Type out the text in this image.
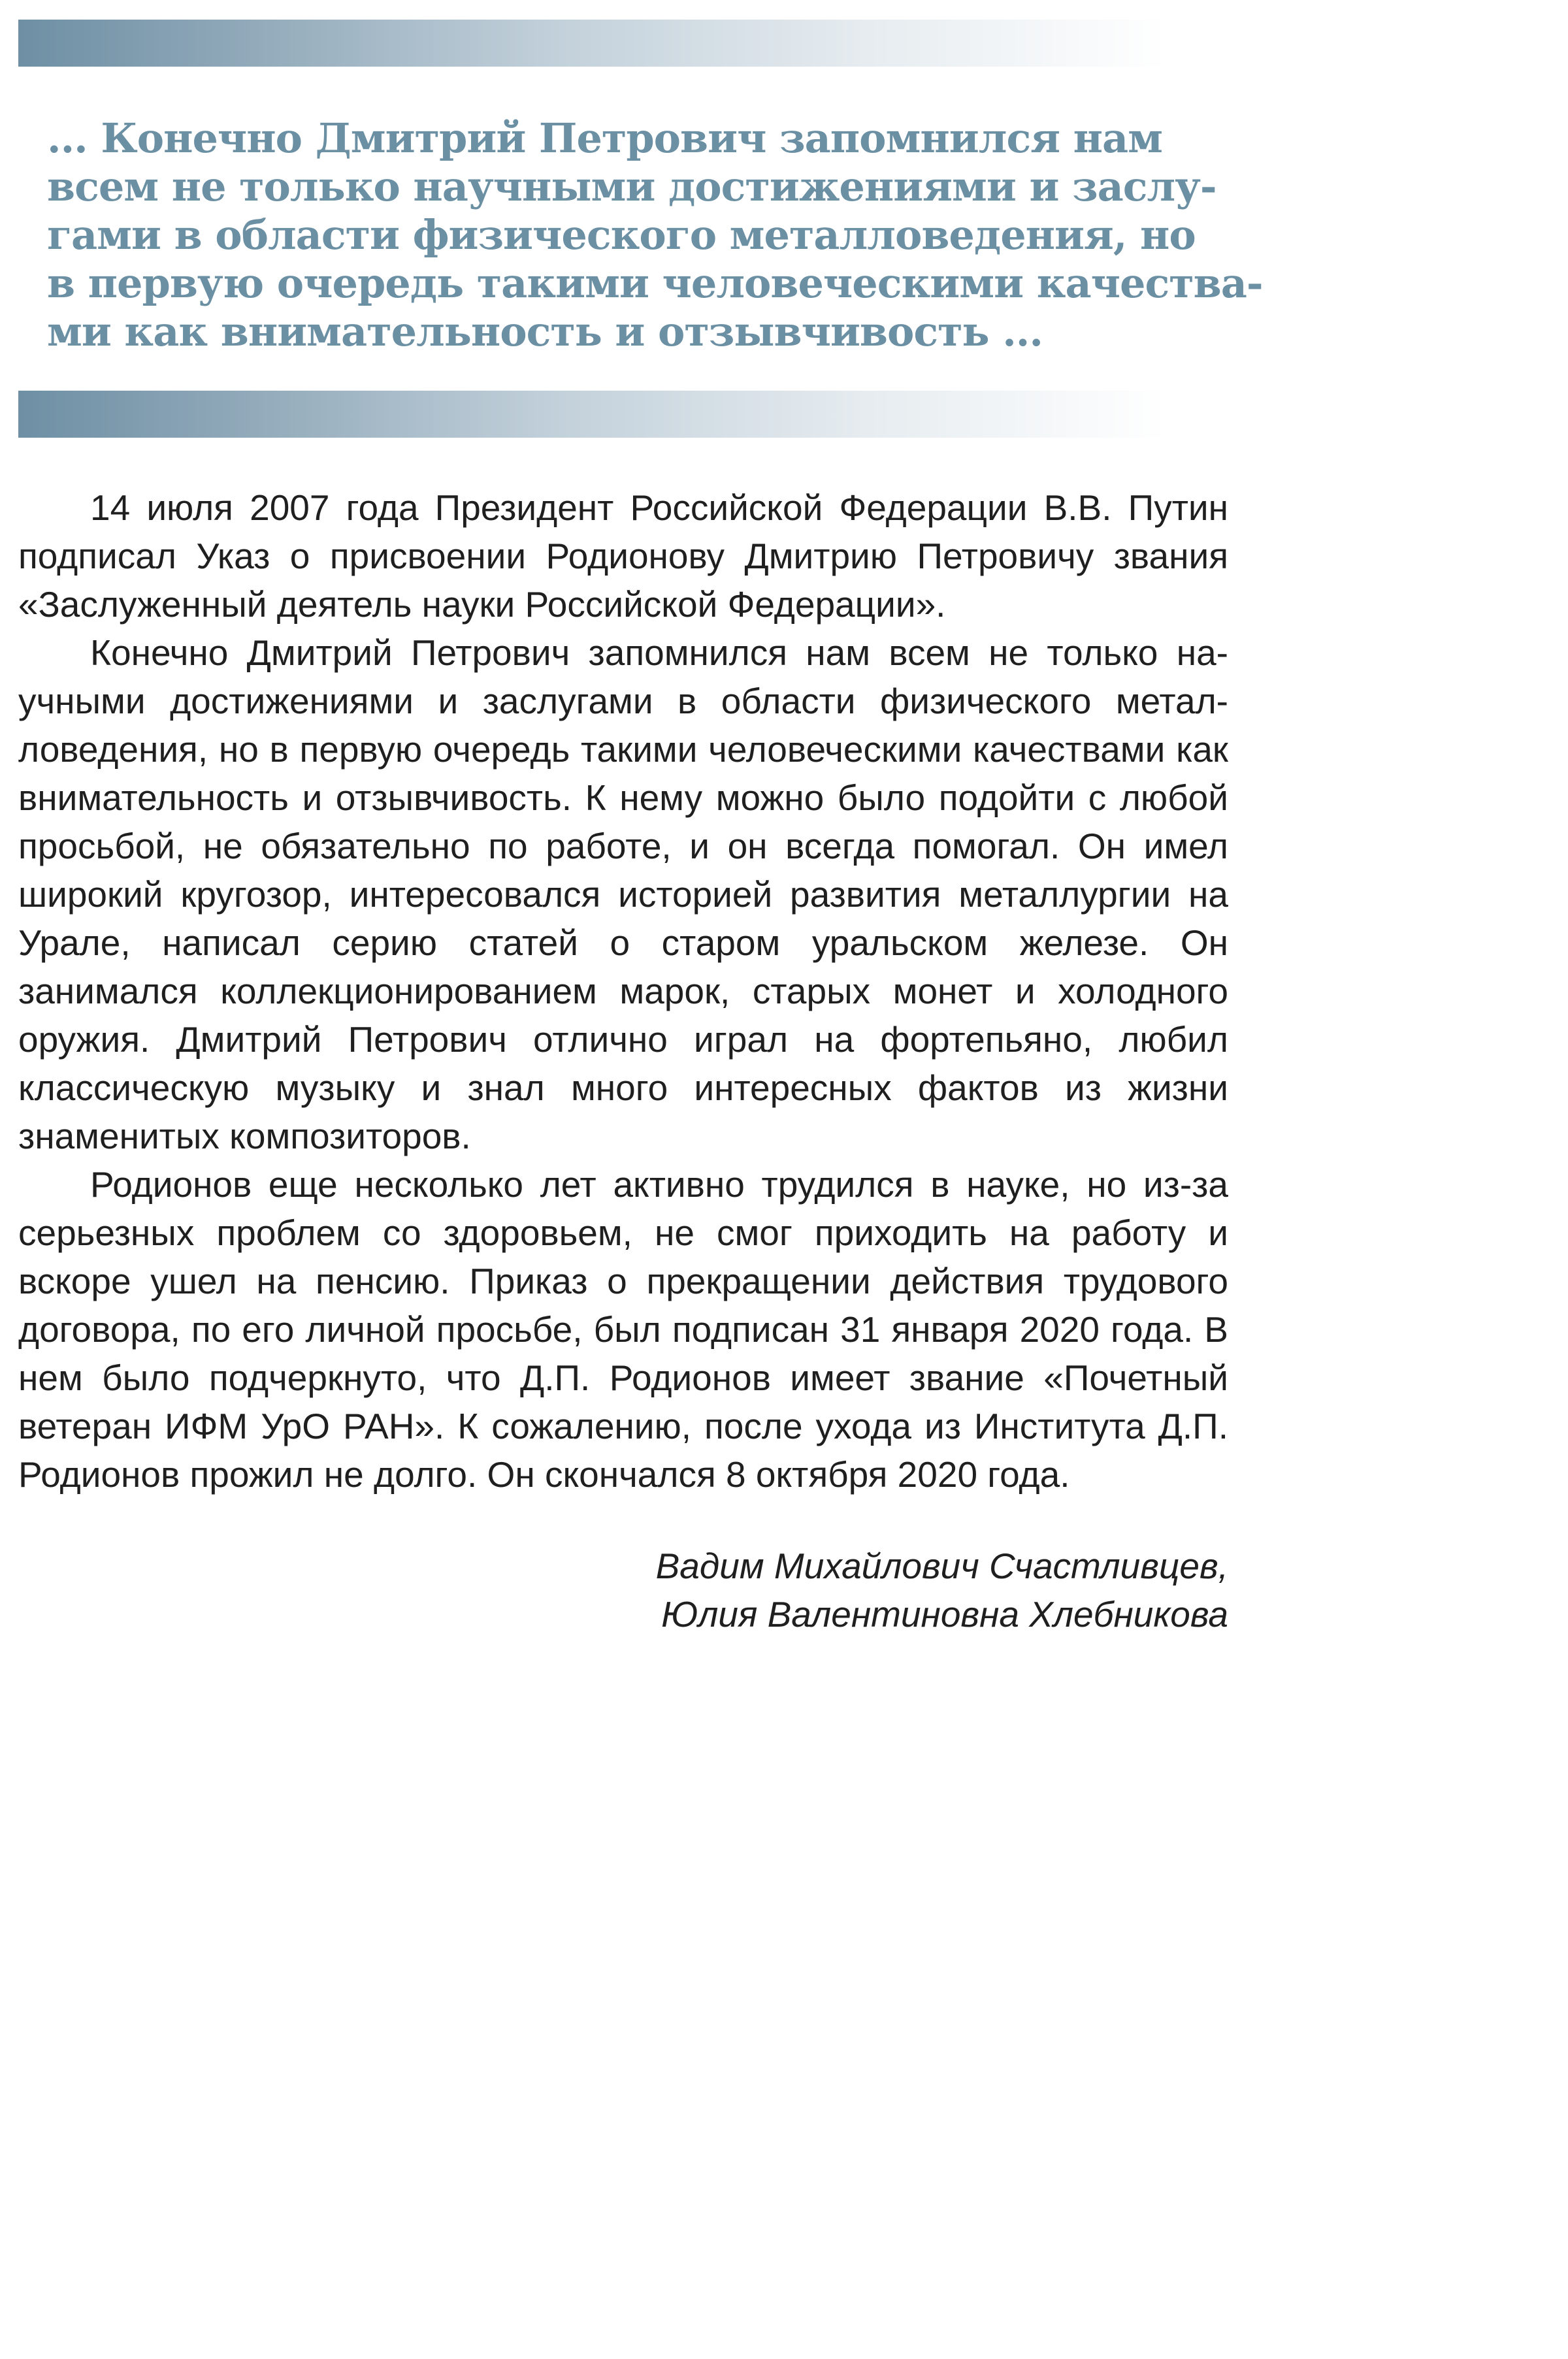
... Конечно Дмитрий Петрович запомнился нам
всем не только научными достижениями и заслу-
гами в области физического металловедения, но
в первую очередь такими человеческими качества-
ми как внимательность и отзывчивость ...

14 июля 2007 года Президент Российской Федерации В.В. Путин подписал Указ о присвоении Родионову Дмитрию Петровичу звания «Заслуженный деятель науки Российской Федерации».

Конечно Дмитрий Петрович запомнился нам всем не только научными достижениями и заслугами в области физического металловедения, но в первую очередь такими человеческими качествами как внимательность и отзывчивость. К нему можно было подойти с любой просьбой, не обязательно по работе, и он всегда помогал. Он имел широкий кругозор, интересовался историей развития металлургии на Урале, написал серию статей о старом уральском железе. Он занимался коллекционированием марок, старых монет и холодного оружия. Дмитрий Петрович отлично играл на фортепьяно, любил классическую музыку и знал много интересных фактов из жизни знаменитых композиторов.

Родионов еще несколько лет активно трудился в науке, но из-за серьезных проблем со здоровьем, не смог приходить на работу и вскоре ушел на пенсию. Приказ о прекращении действия трудового договора, по его личной просьбе, был подписан 31 января 2020 года. В нем было подчеркнуто, что Д.П. Родионов имеет звание «Почетный ветеран ИФМ УрО РАН». К сожалению, после ухода из Института Д.П. Родионов прожил не долго. Он скончался 8 октября 2020 года.

Вадим Михайлович Счастливцев,
Юлия Валентиновна Хлебникова
